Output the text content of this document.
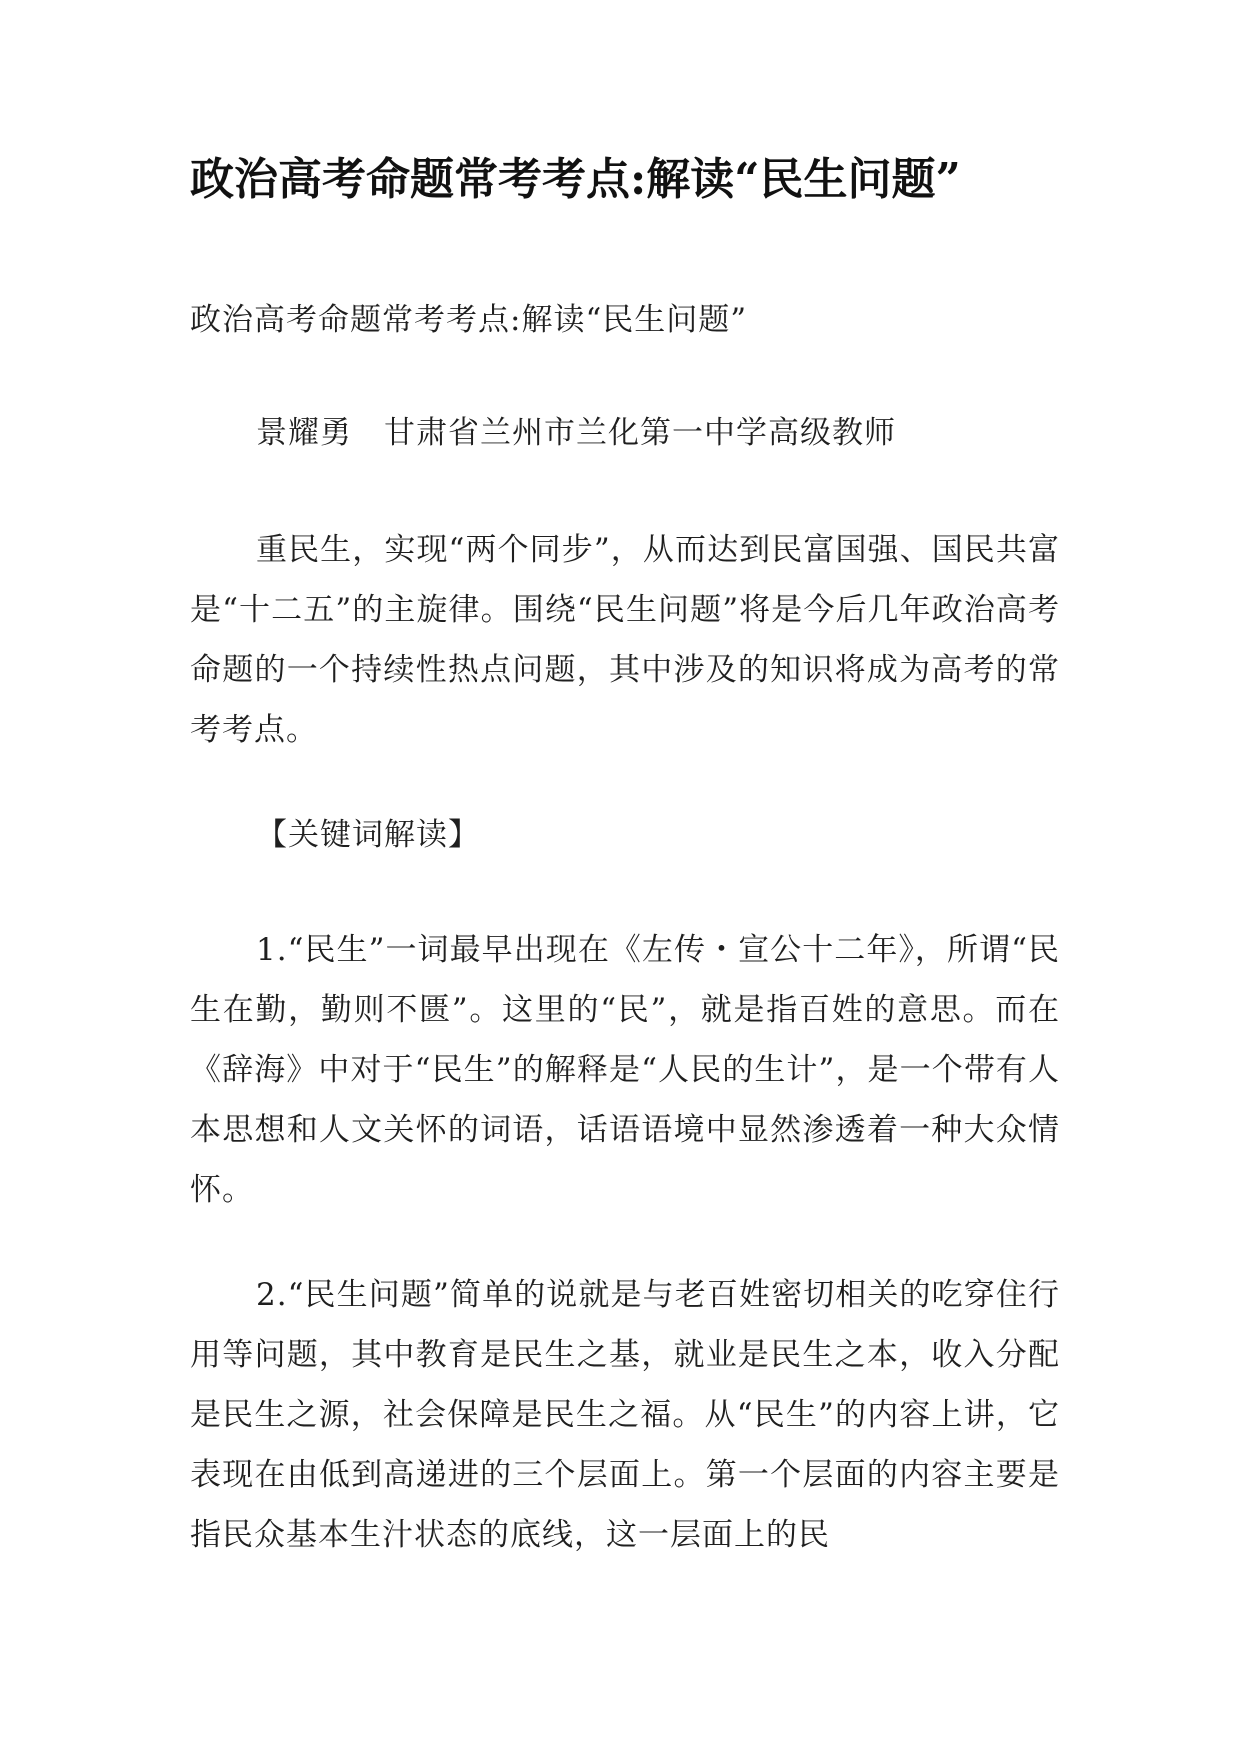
政治高考命题常考考点:解读“民生问题”
政治高考命题常考考点:解读“民生问题”
景耀勇 甘肃省兰州市兰化第一中学高级教师
重民生，实现“两个同步”，从而达到民富国强、国民共富是“十二五”的主旋律。围绕“民生问题”将是今后几年政治高考命题的一个持续性热点问题，其中涉及的知识将成为高考的常考考点。
【关键词解读】
1.“民生”一词最早出现在《左传・宣公十二年》，所谓“民生在勤，勤则不匮”。这里的“民”，就是指百姓的意思。而在《辞海》中对于“民生”的解释是“人民的生计”，是一个带有人本思想和人文关怀的词语，话语语境中显然渗透着一种大众情怀。
2.“民生问题”简单的说就是与老百姓密切相关的吃穿住行用等问题，其中教育是民生之基，就业是民生之本，收入分配是民生之源，社会保障是民生之福。从“民生”的内容上讲，它表现在由低到高递进的三个层面上。第一个层面的内容主要是指民众基本生汁状态的底线，这一层面上的民
